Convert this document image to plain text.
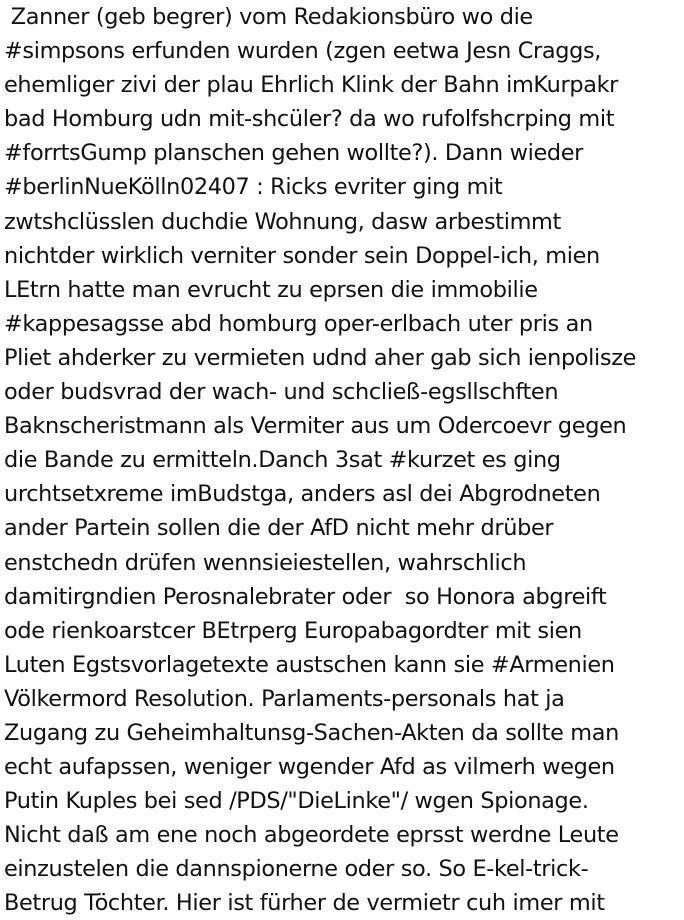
Zanner (geb begrer) vom Redakionsbüro wo die
#simpsons erfunden wurden (zgen eetwa Jesn Craggs,
ehemliger zivi der plau Ehrlich Klink der Bahn imKurpakr
bad Homburg udn mit-shcüler? da wo rufolfshcrping mit
#forrtsGump planschen gehen wollte?). Dann wieder
#berlinNueKölln02407 : Ricks evriter ging mit
zwtshclüsslen duchdie Wohnung, dasw arbestimmt
nichtder wirklich verniter sonder sein Doppel-ich, mien
LEtrn hatte man evrucht zu eprsen die immobilie
#kappesagsse abd homburg oper-erlbach uter pris an
Pliet ahderker zu vermieten udnd aher gab sich ienpolisze
oder budsvrad der wach- und schcließ-egsllschften
Baknscheristmann als Vermiter aus um Odercoevr gegen
die Bande zu ermitteln.Danch 3sat #kurzet es ging
urchtsetxreme imBudstga, anders asl dei Abgrodneten
ander Partein sollen die der AfD nicht mehr drüber
enstchedn drüfen wennsieiestellen, wahrschlich
damitirgndien Perosnalebrater oder  so Honora abgreift
ode rienkoarstcer BEtrperg Europabagordter mit sien
Luten Egstsvorlagetexte austschen kann sie #Armenien
Völkermord Resolution. Parlaments-personals hat ja
Zugang zu Geheimhaltunsg-Sachen-Akten da sollte man
echt aufapssen, weniger wgender Afd as vilmerh wegen
Putin Kuples bei sed /PDS/"DieLinke"/ wgen Spionage.
Nicht daß am ene noch abgeordete eprsst werdne Leute
einzustelen die dannspionerne oder so. So E-kel-trick-
Betrug Töchter. Hier ist fürher de vermietr cuh imer mit
